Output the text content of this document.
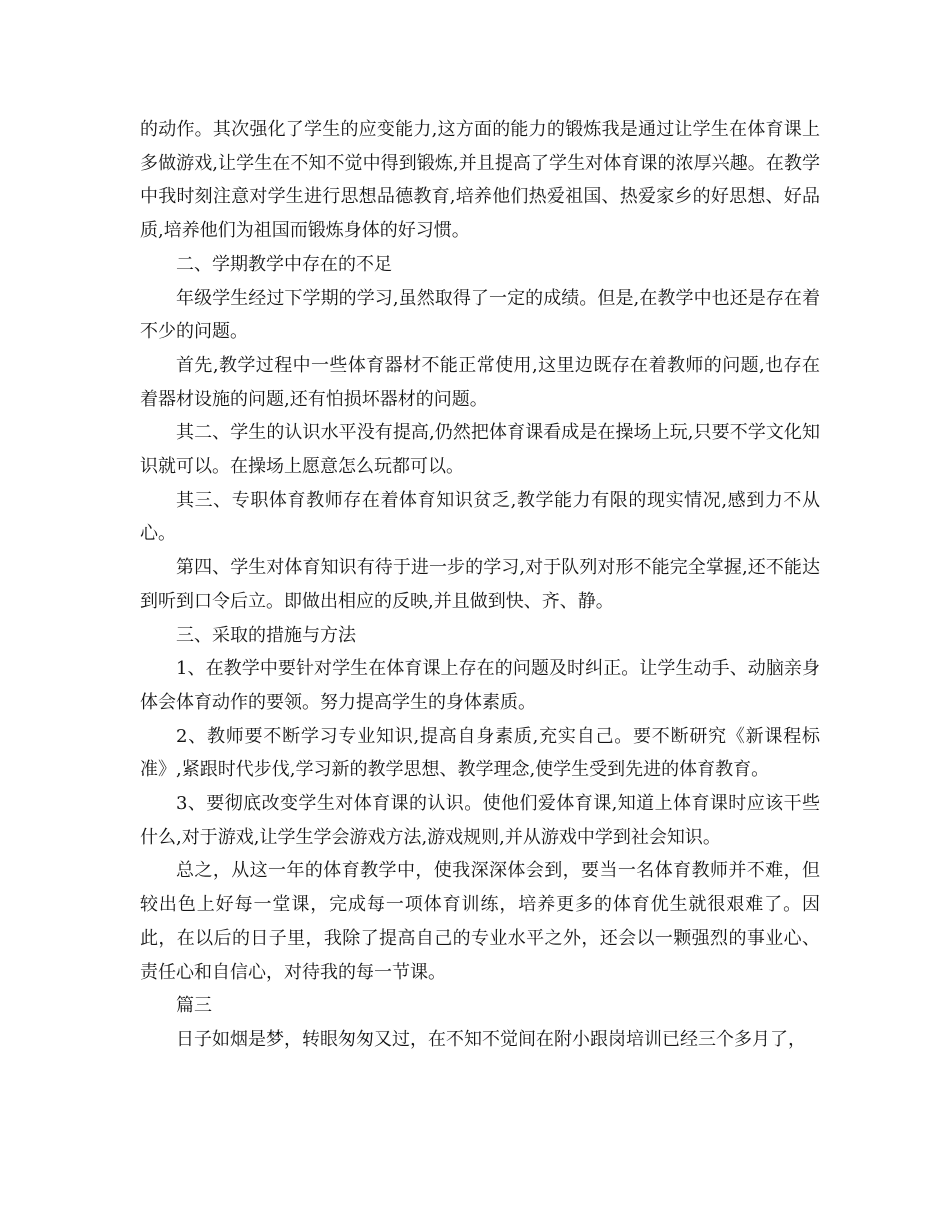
的动作。其次强化了学生的应变能力,这方面的能力的锻炼我是通过让学生在体育课上多做游戏,让学生在不知不觉中得到锻炼,并且提高了学生对体育课的浓厚兴趣。在教学中我时刻注意对学生进行思想品德教育,培养他们热爱祖国、热爱家乡的好思想、好品质,培养他们为祖国而锻炼身体的好习惯。

二、学期教学中存在的不足

年级学生经过下学期的学习,虽然取得了一定的成绩。但是,在教学中也还是存在着不少的问题。

首先,教学过程中一些体育器材不能正常使用,这里边既存在着教师的问题,也存在着器材设施的问题,还有怕损坏器材的问题。

其二、学生的认识水平没有提高,仍然把体育课看成是在操场上玩,只要不学文化知识就可以。在操场上愿意怎么玩都可以。

其三、专职体育教师存在着体育知识贫乏,教学能力有限的现实情况,感到力不从心。

第四、学生对体育知识有待于进一步的学习,对于队列对形不能完全掌握,还不能达到听到口令后立。即做出相应的反映,并且做到快、齐、静。

三、采取的措施与方法

1、在教学中要针对学生在体育课上存在的问题及时纠正。让学生动手、动脑亲身体会体育动作的要领。努力提高学生的身体素质。

2、教师要不断学习专业知识,提高自身素质,充实自己。要不断研究《新课程标准》,紧跟时代步伐,学习新的教学思想、教学理念,使学生受到先进的体育教育。

3、要彻底改变学生对体育课的认识。使他们爱体育课,知道上体育课时应该干些什么,对于游戏,让学生学会游戏方法,游戏规则,并从游戏中学到社会知识。

总之，从这一年的体育教学中，使我深深体会到，要当一名体育教师并不难，但较出色上好每一堂课，完成每一项体育训练，培养更多的体育优生就很艰难了。因此，在以后的日子里，我除了提高自己的专业水平之外，还会以一颗强烈的事业心、责任心和自信心，对待我的每一节课。

篇三

日子如烟是梦，转眼匆匆又过，在不知不觉间在附小跟岗培训已经三个多月了，
